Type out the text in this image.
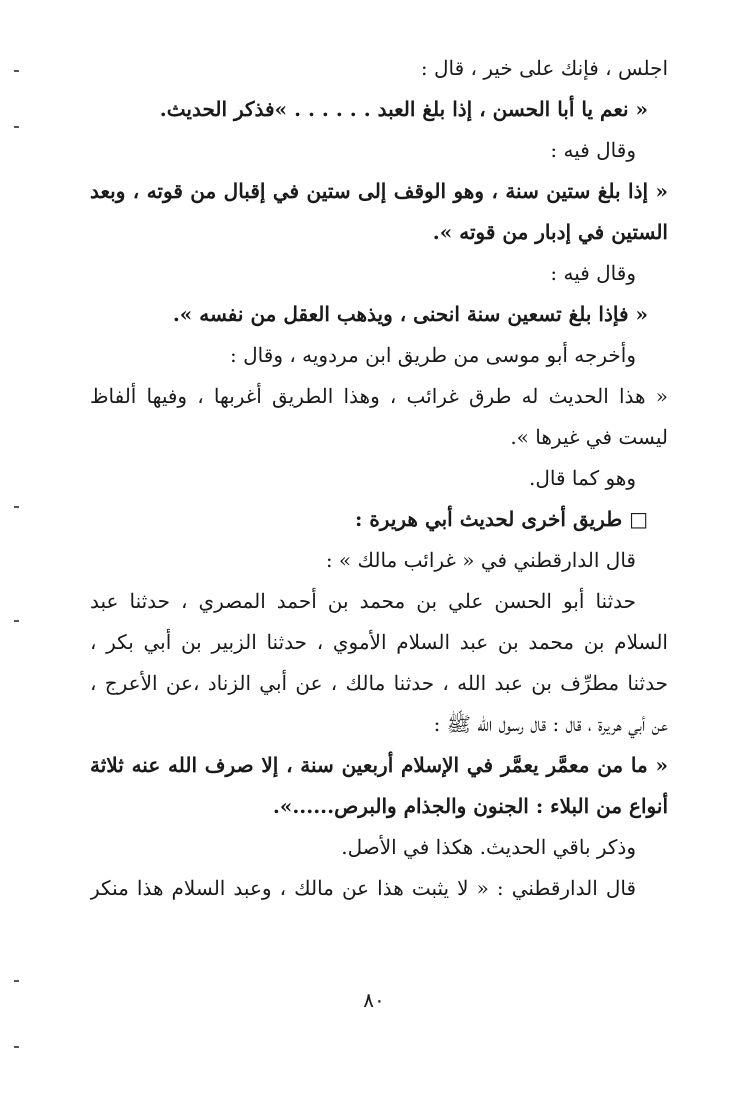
اجلس ، فإنك على خير ، قال :
« نعم يا أبا الحسن ، إذا بلغ العبد . . . . . . »فذكر الحديث.
وقال فيه :
« إذا بلغ ستين سنة ، وهو الوقف إلى ستين في إقبال من قوته ، وبعد
الستين في إدبار من قوته ».
وقال فيه :
« فإذا بلغ تسعين سنة انحنى ، ويذهب العقل من نفسه ».
وأخرجه أبو موسى من طريق ابن مردويه ، وقال :
« هذا الحديث له طرق غرائب ، وهذا الطريق أغربها ، وفيها ألفاظ
ليست في غيرها ».
وهو كما قال.
□ طريق أخرى لحديث أبي هريرة :
قال الدارقطني في « غرائب مالك » :
حدثنا أبو الحسن علي بن محمد بن أحمد المصري ، حدثنا عبد
السلام بن محمد بن عبد السلام الأموي ، حدثنا الزبير بن أبي بكر ،
حدثنا مطرِّف بن عبد الله ، حدثنا مالك ، عن أبي الزناد ،عن الأعرج ،
عن أبي هريرة ، قال : قال رسول الله ﷺ :
« ما من معمَّر يعمَّر في الإسلام أربعين سنة ، إلا صرف الله عنه ثلاثة
أنواع من البلاء : الجنون والجذام والبرص......».
وذكر باقي الحديث. هكذا في الأصل.
قال الدارقطني : « لا يثبت هذا عن مالك ، وعبد السلام هذا منكر
٨٠
